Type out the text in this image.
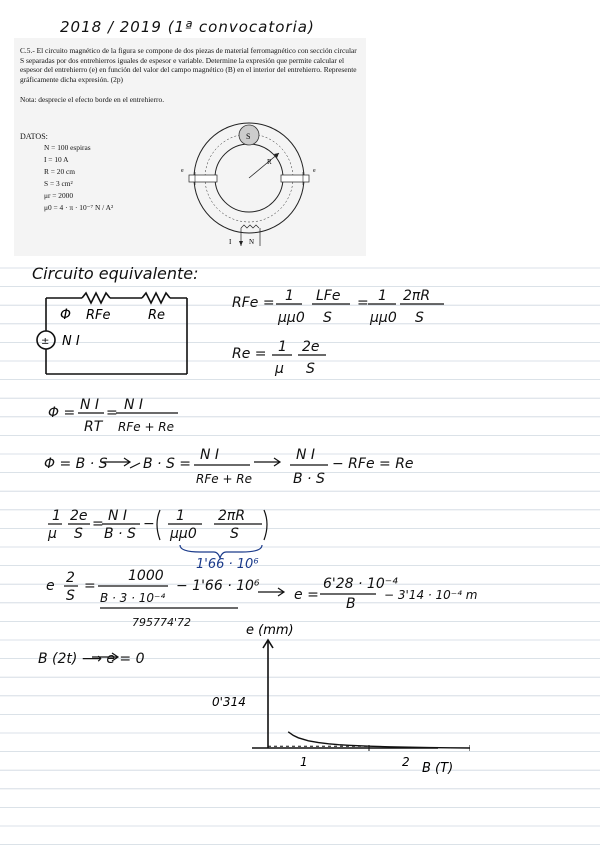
2018 / 2019 (1ª convocatoria)

C.5.- El circuito magnético de la figura se compone de dos piezas de material ferromagnético con sección circular S separadas por dos entrehierros iguales de espesor e variable. Determine la expresión que permite calcular el espesor del entrehierro (e) en función del valor del campo magnético (B) en el interior del entrehierro. Represente gráficamente dicha expresión. (2p)

Nota: desprecie el efecto borde en el entrehierro.

DATOS:
N = 100 espiras
I = 10 A
R = 20 cm
S = 3 cm²
μr = 2000
μ0 = 4 · π · 10⁻⁷ N / A²
S
e	e
R
I	N
Circuito equivalente:
± N I
Φ RFe	Re
RFe = 1
μμ0
LFe
S
= 1
μμ0
2πR
S
Re = 1
μ
2e
S
Φ = N I
RT
= N I
RFe + Re
Φ = B · S	B · S =
N I
RFe + Re
N I
B · S
− RFe = Re
1
μ
2e
S
= N I
B · S
− 1
μμ0
2πR
S
1'66 · 10⁶
e 2
S
=
1000
B · 3 · 10⁻⁴
− 1'66 · 10⁶
795774'72
e =
6'28 · 10⁻⁴
B
− 3'14 · 10⁻⁴ m
B (2t) ⟶ e = 0
e (mm)
B (T)
0'314
1	2
